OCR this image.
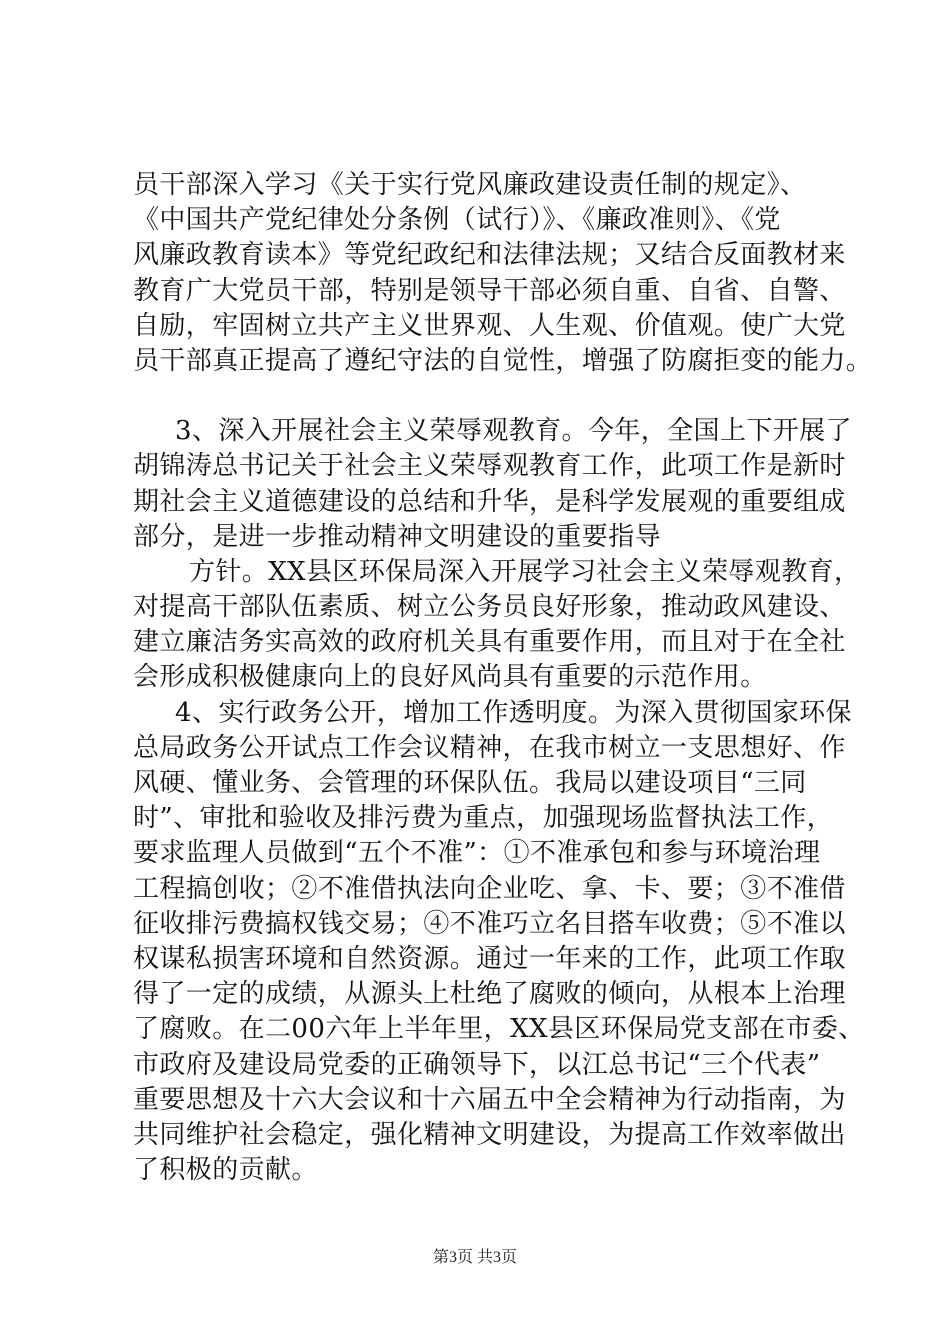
员干部深入学习《关于实行党风廉政建设责任制的规定》、
《中国共产党纪律处分条例（试行）》、《廉政准则》、《党
风廉政教育读本》等党纪政纪和法律法规；又结合反面教材来
教育广大党员干部，特别是领导干部必须自重、自省、自警、
自励，牢固树立共产主义世界观、人生观、价值观。使广大党
员干部真正提高了遵纪守法的自觉性，增强了防腐拒变的能力。
3、深入开展社会主义荣辱观教育。今年，全国上下开展了
胡锦涛总书记关于社会主义荣辱观教育工作，此项工作是新时
期社会主义道德建设的总结和升华，是科学发展观的重要组成
部分，是进一步推动精神文明建设的重要指导
方针。XX县区环保局深入开展学习社会主义荣辱观教育，
对提高干部队伍素质、树立公务员良好形象，推动政风建设、
建立廉洁务实高效的政府机关具有重要作用，而且对于在全社
会形成积极健康向上的良好风尚具有重要的示范作用。
4、实行政务公开，增加工作透明度。为深入贯彻国家环保
总局政务公开试点工作会议精神，在我市树立一支思想好、作
风硬、懂业务、会管理的环保队伍。我局以建设项目“三同
时”、审批和验收及排污费为重点，加强现场监督执法工作，
要求监理人员做到“五个不准”：①不准承包和参与环境治理
工程搞创收；②不准借执法向企业吃、拿、卡、要；③不准借
征收排污费搞权钱交易；④不准巧立名目搭车收费；⑤不准以
权谋私损害环境和自然资源。通过一年来的工作，此项工作取
得了一定的成绩，从源头上杜绝了腐败的倾向，从根本上治理
了腐败。在二00六年上半年里，XX县区环保局党支部在市委、
市政府及建设局党委的正确领导下，以江总书记“三个代表”
重要思想及十六大会议和十六届五中全会精神为行动指南，为
共同维护社会稳定，强化精神文明建设，为提高工作效率做出
了积极的贡献。
第3页 共3页
